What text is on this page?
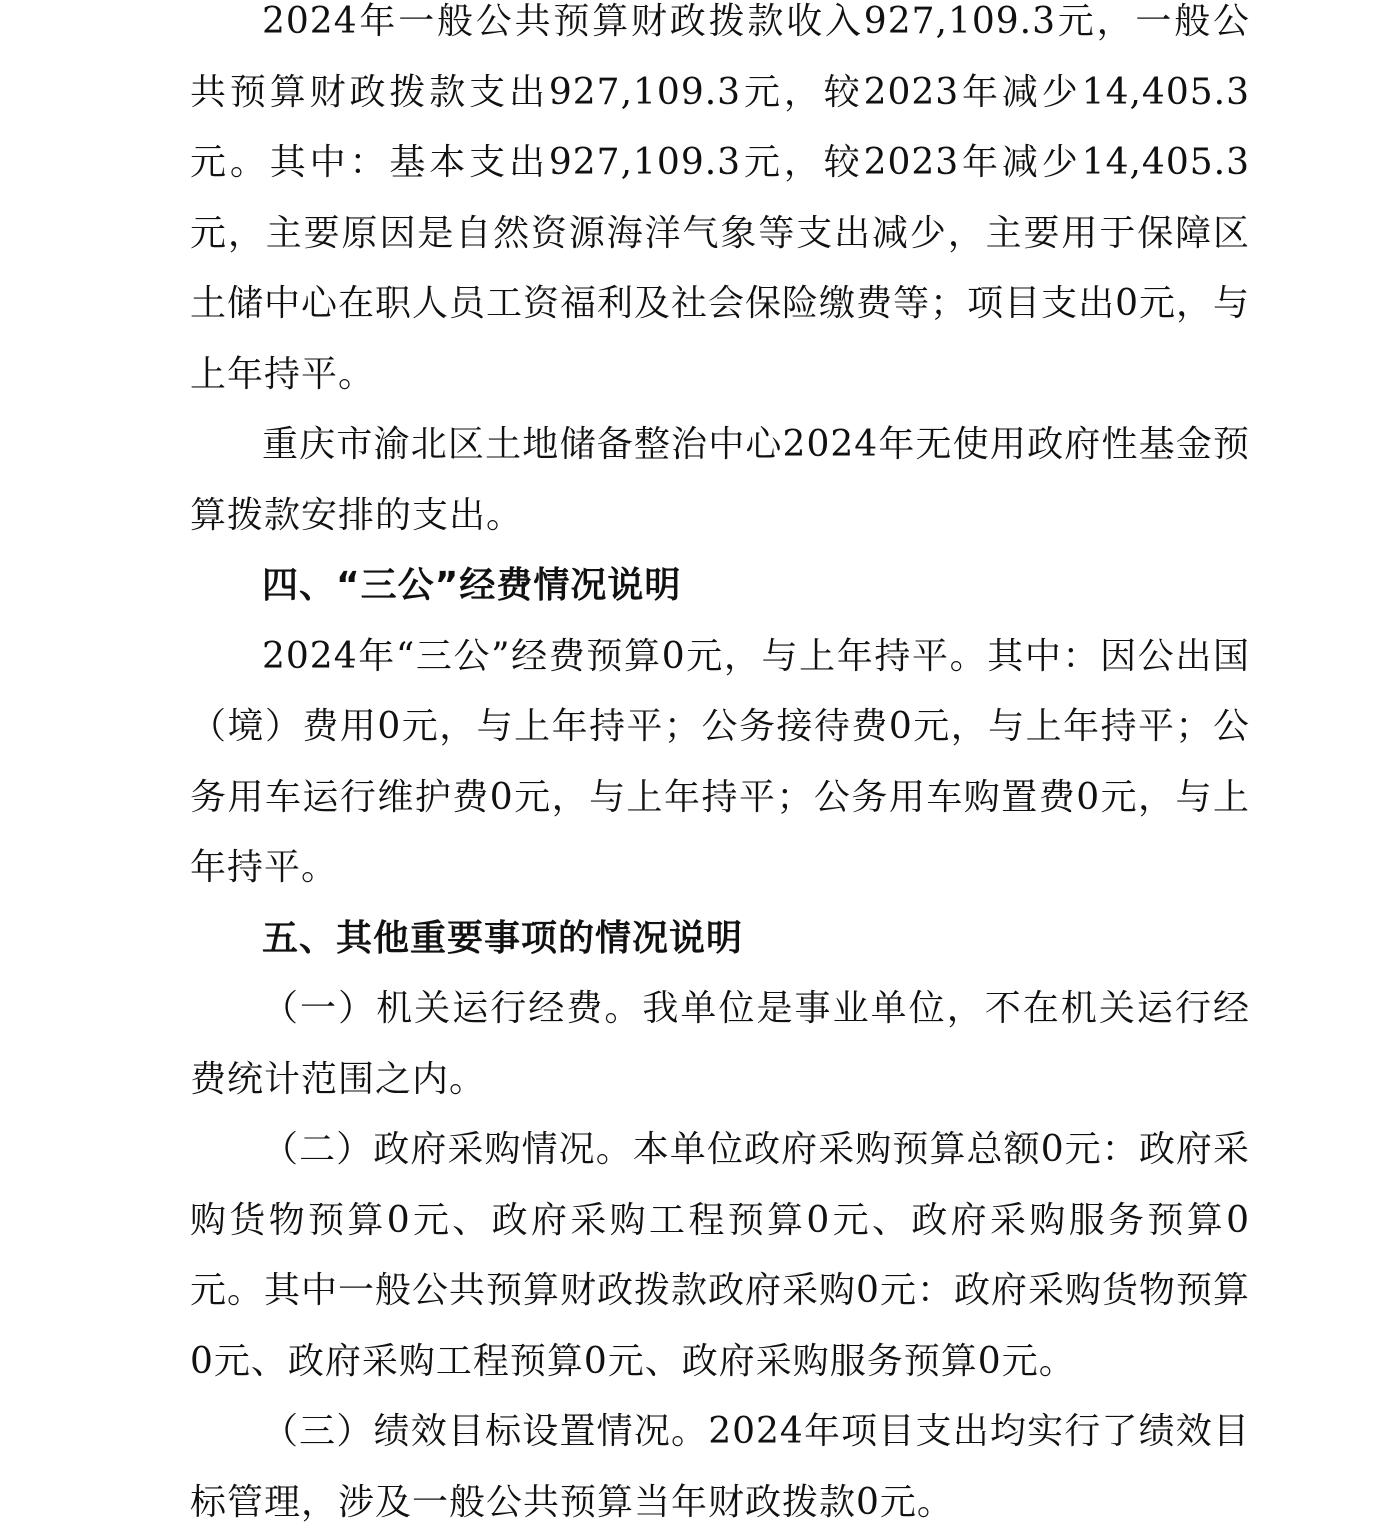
2024年一般公共预算财政拨款收入927,109.3元，一般公共预算财政拨款支出927,109.3元，较2023年减少14,405.3元。其中：基本支出927,109.3元，较2023年减少14,405.3元，主要原因是自然资源海洋气象等支出减少，主要用于保障区土储中心在职人员工资福利及社会保险缴费等；项目支出0元，与上年持平。

重庆市渝北区土地储备整治中心2024年无使用政府性基金预算拨款安排的支出。

四、“三公”经费情况说明

2024年“三公”经费预算0元，与上年持平。其中：因公出国（境）费用0元，与上年持平；公务接待费0元，与上年持平；公务用车运行维护费0元，与上年持平；公务用车购置费0元，与上年持平。

五、其他重要事项的情况说明

（一）机关运行经费。我单位是事业单位，不在机关运行经费统计范围之内。

（二）政府采购情况。本单位政府采购预算总额0元：政府采购货物预算0元、政府采购工程预算0元、政府采购服务预算0元。其中一般公共预算财政拨款政府采购0元：政府采购货物预算0元、政府采购工程预算0元、政府采购服务预算0元。

（三）绩效目标设置情况。2024年项目支出均实行了绩效目标管理，涉及一般公共预算当年财政拨款0元。
